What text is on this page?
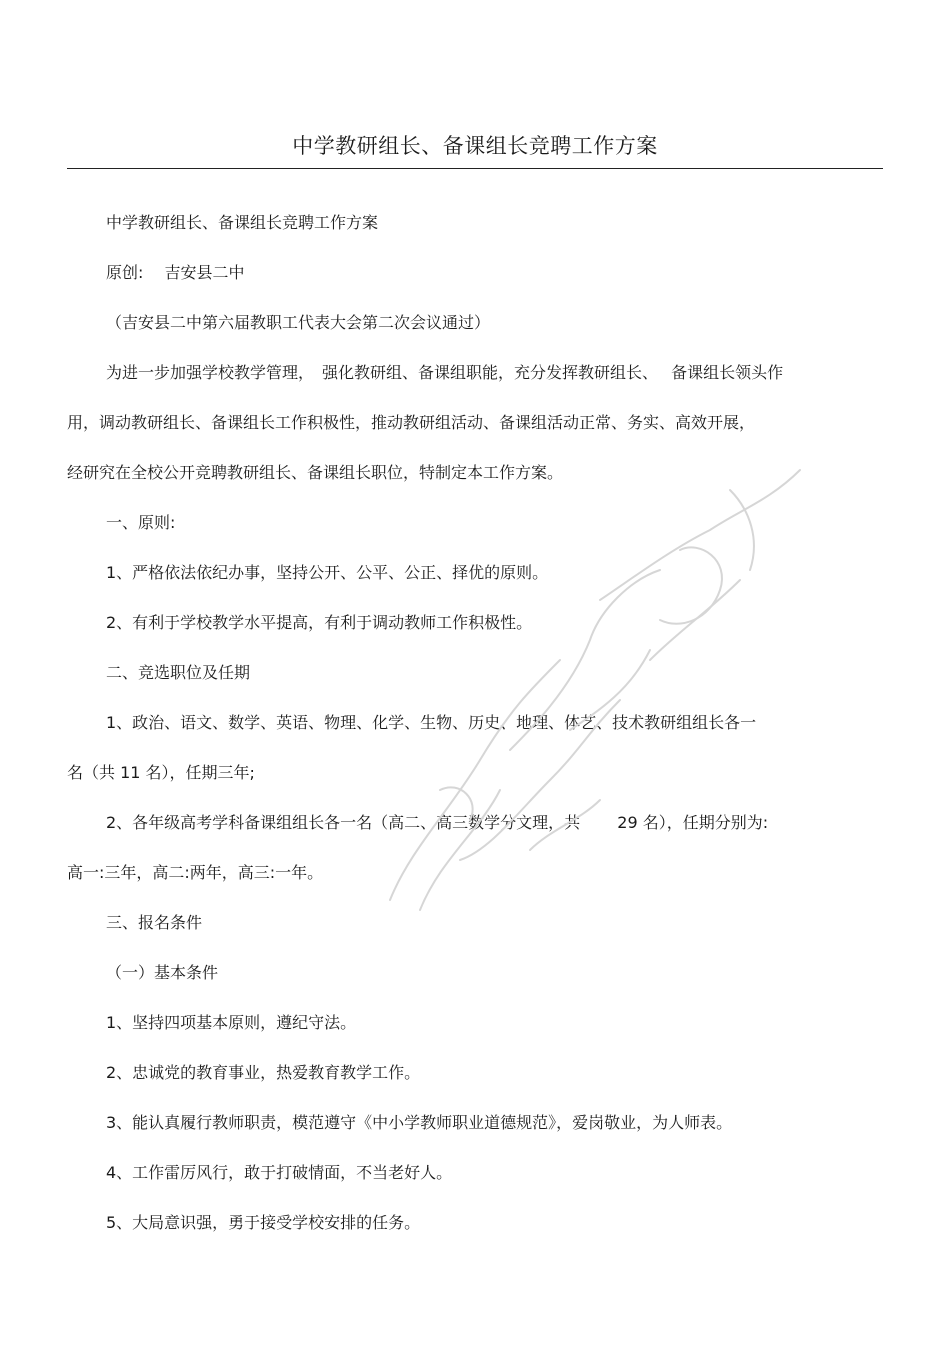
中学教研组长、备课组长竞聘工作方案
中学教研组长、备课组长竞聘工作方案
原创:　 吉安县二中
（吉安县二中第六届教职工代表大会第二次会议通过）
为进一步加强学校教学管理，　强化教研组、备课组职能，充分发挥教研组长、　 备课组长领头作
用，调动教研组长、备课组长工作积极性，推动教研组活动、备课组活动正常、务实、高效开展，
经研究在全校公开竞聘教研组长、备课组长职位，特制定本工作方案。
一、原则:
1、严格依法依纪办事，坚持公开、公平、公正、择优的原则。
2、有利于学校教学水平提高，有利于调动教师工作积极性。
二、竞选职位及任期
1、政治、语文、数学、英语、物理、化学、生物、历史、地理、体艺、技术教研组组长各一
名（共 11 名），任期三年;
2、各年级高考学科备课组组长各一名（高二、高三数学分文理，共　　 29 名），任期分别为:
高一:三年，高二:两年，高三:一年。
三、报名条件
（一）基本条件
1、坚持四项基本原则，遵纪守法。
2、忠诚党的教育事业，热爱教育教学工作。
3、能认真履行教师职责，模范遵守《中小学教师职业道德规范》，爱岗敬业，为人师表。
4、工作雷厉风行，敢于打破情面，不当老好人。
5、大局意识强，勇于接受学校安排的任务。
